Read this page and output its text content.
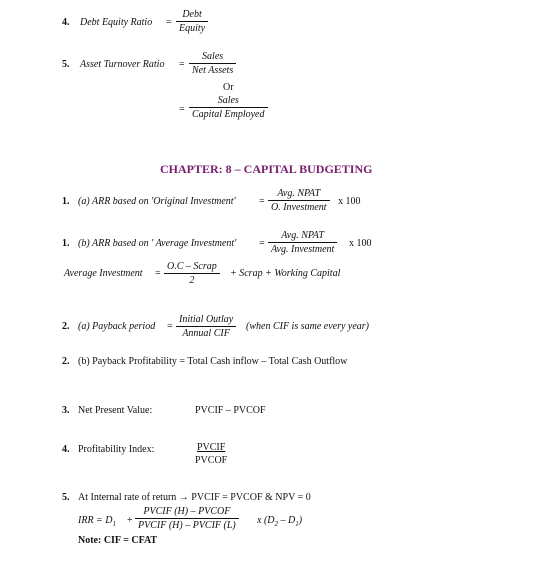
4. Debt Equity Ratio =
Debt
Equity
5. Asset Turnover Ratio =
Sales
Net Assets
Or
=
Sales
Capital Employed
CHAPTER: 8 – CAPITAL BUDGETING
1. (a) ARR based on 'Original Investment' =
Avg. NPAT
O. Investment
x 100
1. (b) ARR based on ' Average Investment' =
Avg. NPAT
Avg. Investment
x 100
Average Investment =
O.C – Scrap
2
+ Scrap + Working Capital
2. (a) Payback period =
Initial Outlay
Annual CIF
(when CIF is same every year)
2. (b) Payback Profitability = Total Cash inflow – Total Cash Outflow
3. Net Present Value:	PVCIF – PVCOF
4. Profitability Index:	PVCIF
PVCOF
5. At Internal rate of return → PVCIF = PVCOF & NPV = 0
IRR = $D_1$ +
PVCIF (H) – PVCOF
PVCIF (H) – PVCIF (L)	x $(D_2 - D_1)$
Note: CIF = CFAT
